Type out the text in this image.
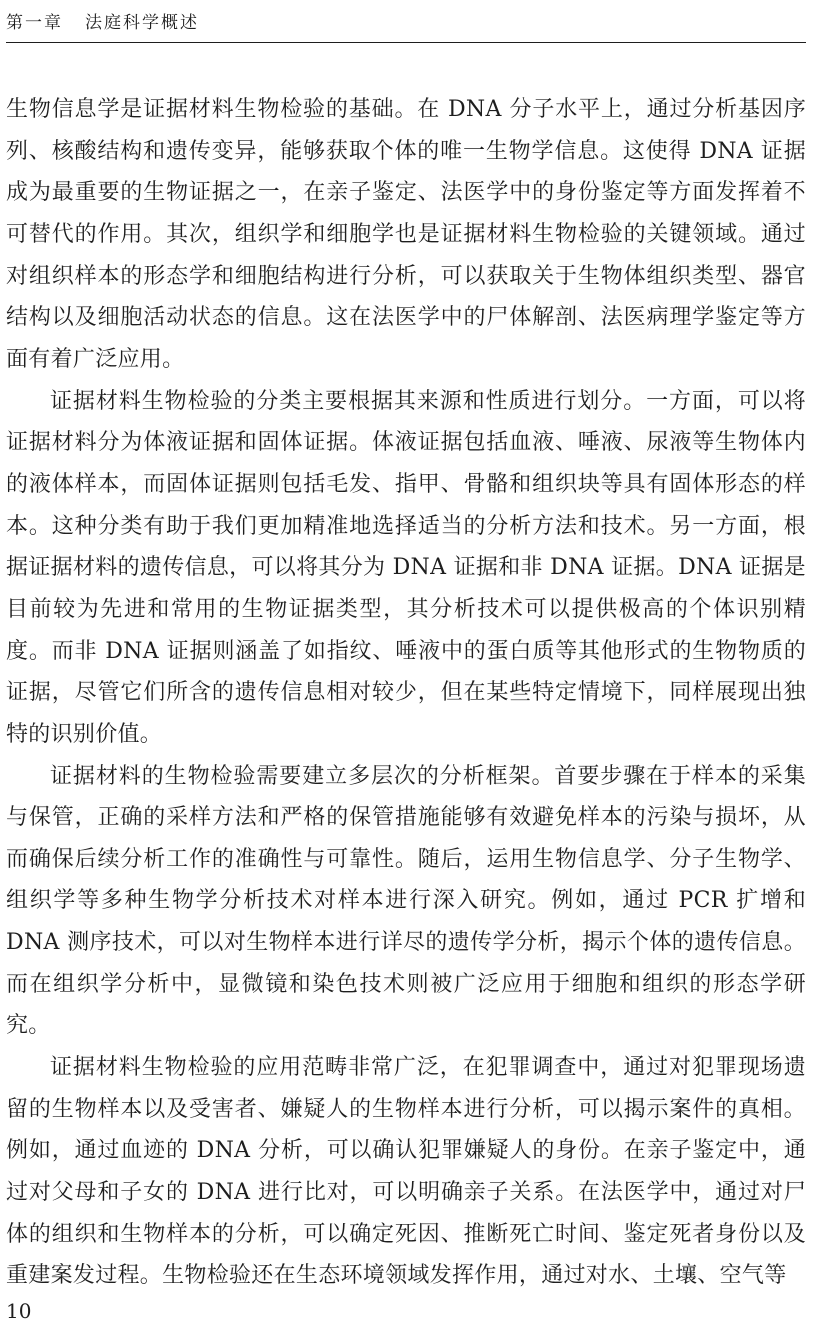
第一章 法庭科学概述

生物信息学是证据材料生物检验的基础。在 DNA 分子水平上，通过分析基因序列、核酸结构和遗传变异，能够获取个体的唯一生物学信息。这使得 DNA 证据成为最重要的生物证据之一，在亲子鉴定、法医学中的身份鉴定等方面发挥着不可替代的作用。其次，组织学和细胞学也是证据材料生物检验的关键领域。通过对组织样本的形态学和细胞结构进行分析，可以获取关于生物体组织类型、器官结构以及细胞活动状态的信息。这在法医学中的尸体解剖、法医病理学鉴定等方面有着广泛应用。

证据材料生物检验的分类主要根据其来源和性质进行划分。一方面，可以将证据材料分为体液证据和固体证据。体液证据包括血液、唾液、尿液等生物体内的液体样本，而固体证据则包括毛发、指甲、骨骼和组织块等具有固体形态的样本。这种分类有助于我们更加精准地选择适当的分析方法和技术。另一方面，根据证据材料的遗传信息，可以将其分为 DNA 证据和非 DNA 证据。DNA 证据是目前较为先进和常用的生物证据类型，其分析技术可以提供极高的个体识别精度。而非 DNA 证据则涵盖了如指纹、唾液中的蛋白质等其他形式的生物物质的证据，尽管它们所含的遗传信息相对较少，但在某些特定情境下，同样展现出独特的识别价值。

证据材料的生物检验需要建立多层次的分析框架。首要步骤在于样本的采集与保管，正确的采样方法和严格的保管措施能够有效避免样本的污染与损坏，从而确保后续分析工作的准确性与可靠性。随后，运用生物信息学、分子生物学、组织学等多种生物学分析技术对样本进行深入研究。例如，通过 PCR 扩增和 DNA 测序技术，可以对生物样本进行详尽的遗传学分析，揭示个体的遗传信息。而在组织学分析中，显微镜和染色技术则被广泛应用于细胞和组织的形态学研究。

证据材料生物检验的应用范畴非常广泛，在犯罪调查中，通过对犯罪现场遗留的生物样本以及受害者、嫌疑人的生物样本进行分析，可以揭示案件的真相。例如，通过血迹的 DNA 分析，可以确认犯罪嫌疑人的身份。在亲子鉴定中，通过对父母和子女的 DNA 进行比对，可以明确亲子关系。在法医学中，通过对尸体的组织和生物样本的分析，可以确定死因、推断死亡时间、鉴定死者身份以及重建案发过程。生物检验还在生态环境领域发挥作用，通过对水、土壤、空气等

10
